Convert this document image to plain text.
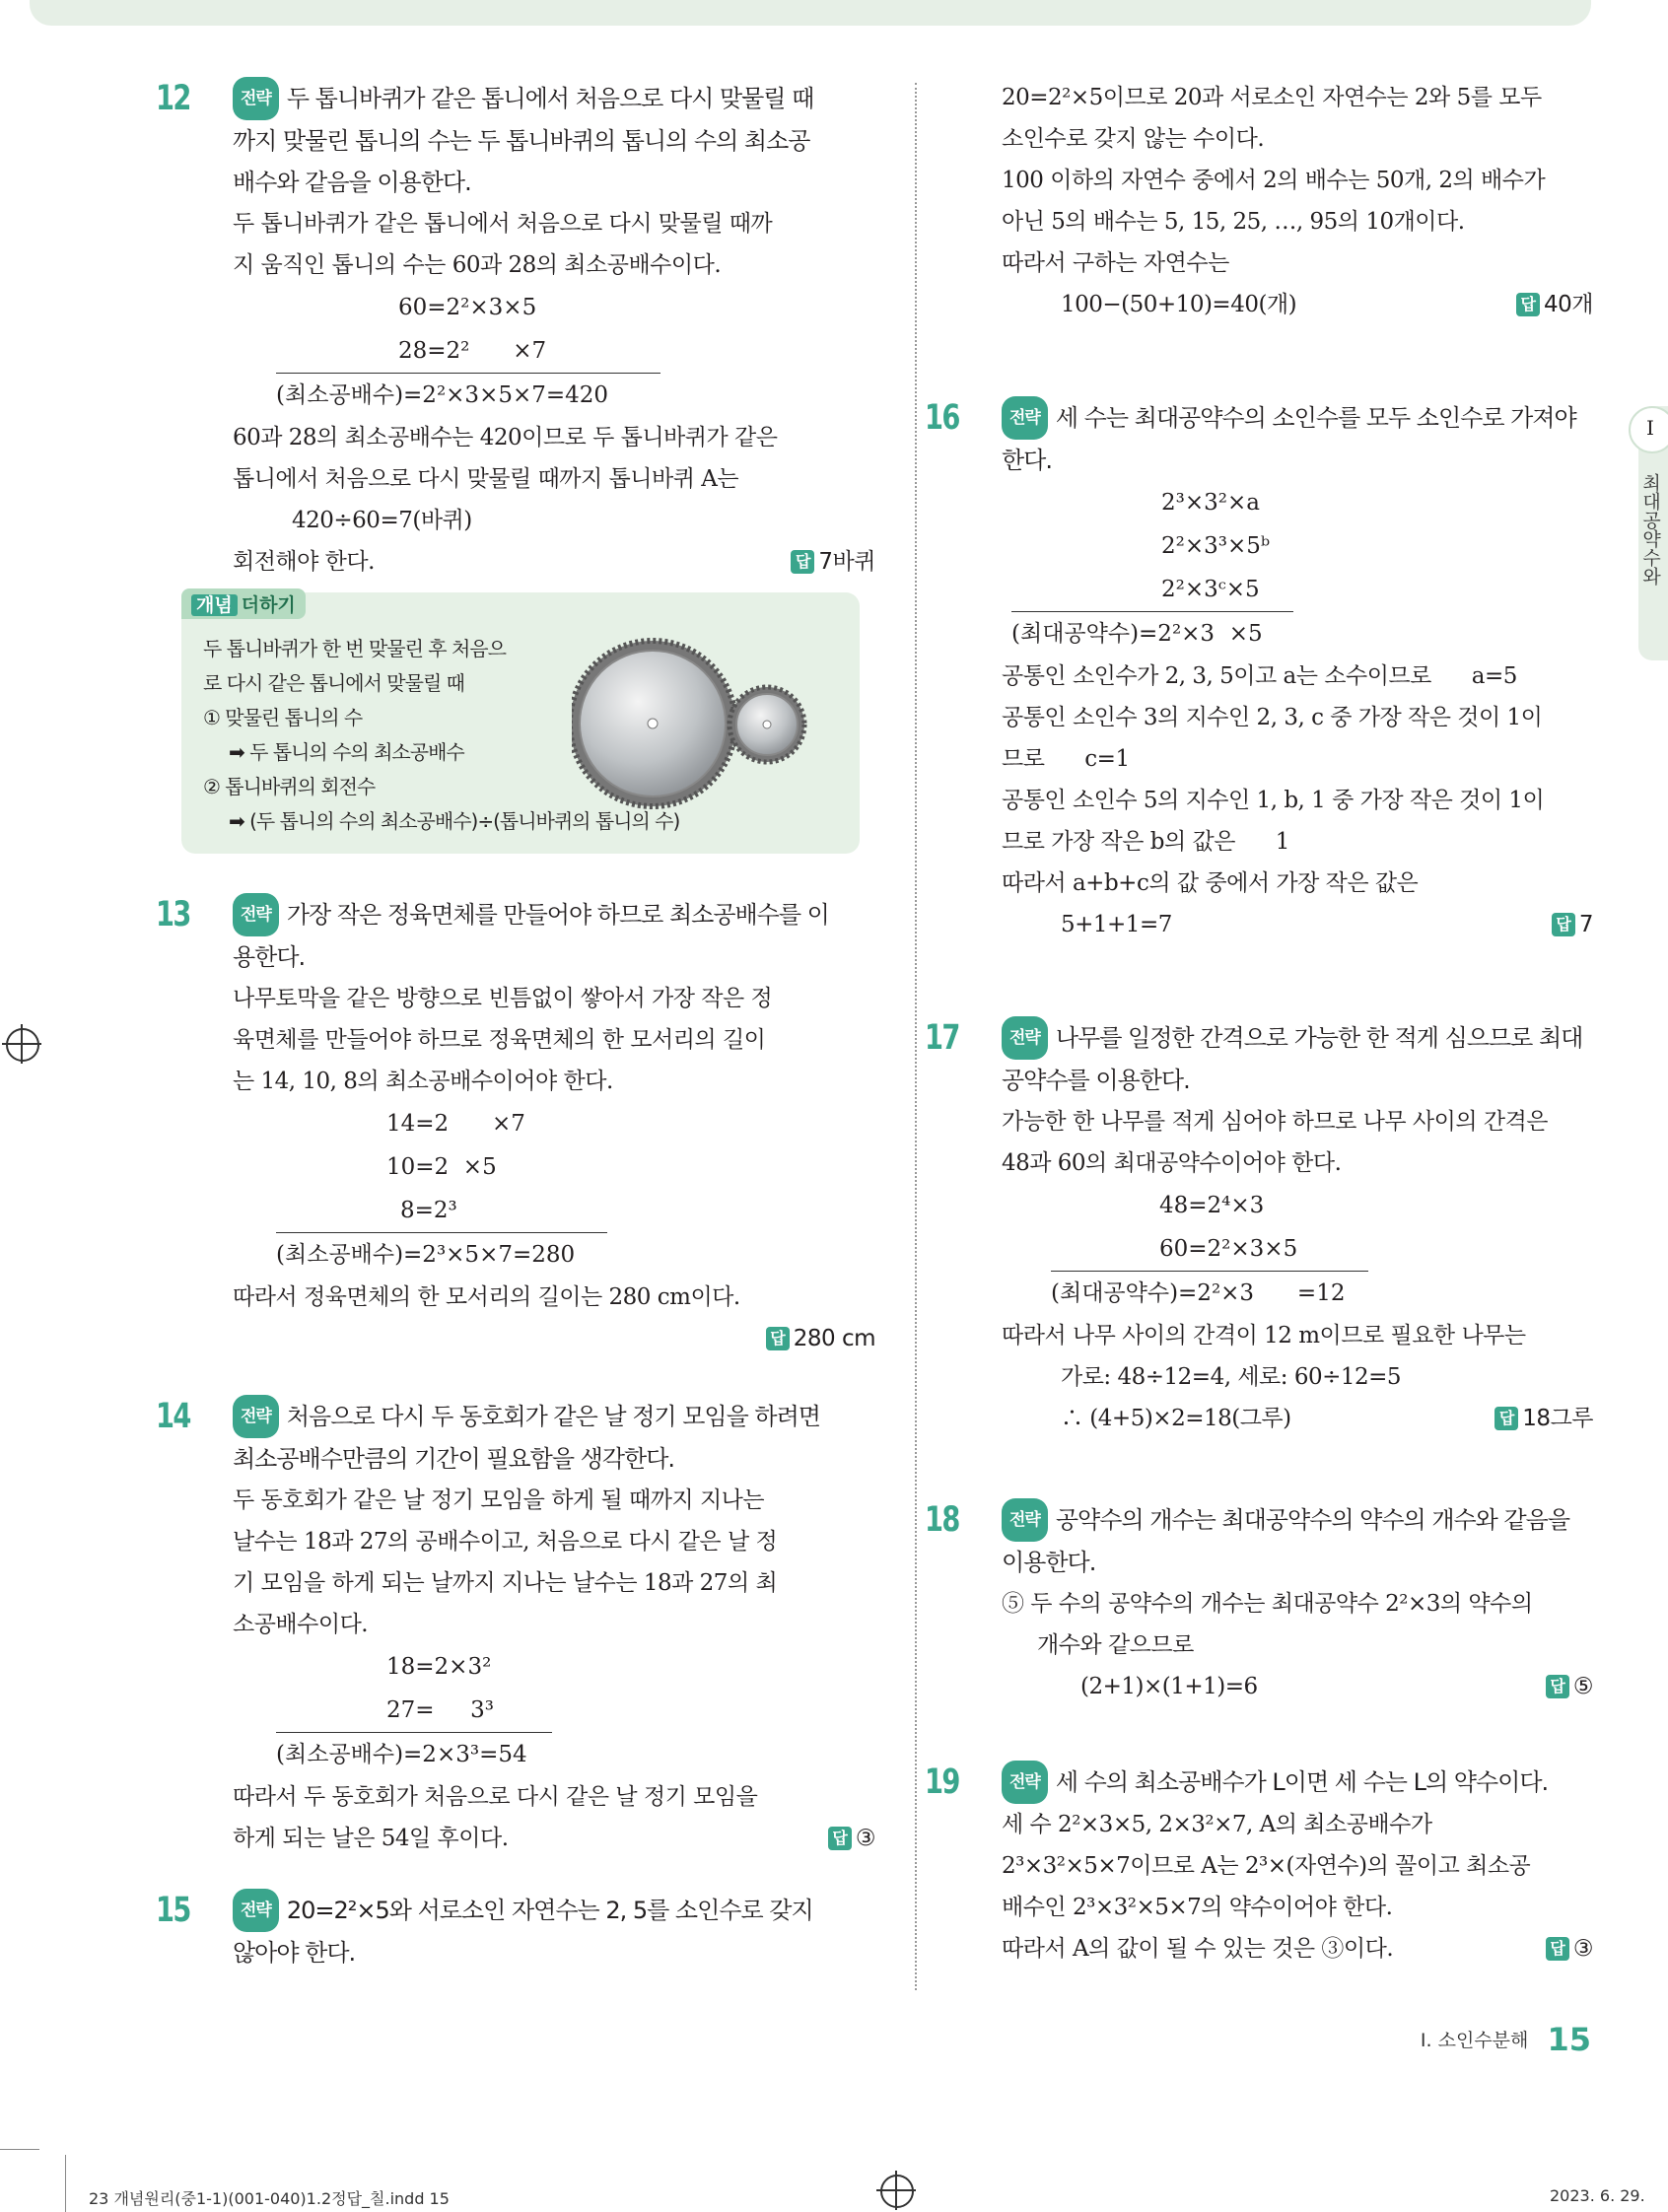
12	전략 두 톱니바퀴가 같은 톱니에서 처음으로 다시 맞물릴 때
까지 맞물린 톱니의 수는 두 톱니바퀴의 톱니의 수의 최소공
배수와 같음을 이용한다.
두 톱니바퀴가 같은 톱니에서 처음으로 다시 맞물릴 때까
지 움직인 톱니의 수는 60과 28의 최소공배수이다.
60=2²×3×5
28=2²      ×7
(최소공배수)=2²×3×5×7=420
60과 28의 최소공배수는 420이므로 두 톱니바퀴가 같은
톱니에서 처음으로 다시 맞물릴 때까지 톱니바퀴 A는
420÷60=7(바퀴)
회전해야 한다.	답 7바퀴
개념 더하기
두 톱니바퀴가 한 번 맞물린 후 처음으
로 다시 같은 톱니에서 맞물릴 때
① 맞물린 톱니의 수
➡ 두 톱니의 수의 최소공배수
② 톱니바퀴의 회전수
➡ (두 톱니의 수의 최소공배수)÷(톱니바퀴의 톱니의 수)
13	전략 가장 작은 정육면체를 만들어야 하므로 최소공배수를 이
용한다.
나무토막을 같은 방향으로 빈틈없이 쌓아서 가장 작은 정
육면체를 만들어야 하므로 정육면체의 한 모서리의 길이
는 14, 10, 8의 최소공배수이어야 한다.
14=2      ×7
10=2  ×5
8=2³
(최소공배수)=2³×5×7=280
따라서 정육면체의 한 모서리의 길이는 280 cm이다.
답 280 cm
14	전략 처음으로 다시 두 동호회가 같은 날 정기 모임을 하려면
최소공배수만큼의 기간이 필요함을 생각한다.
두 동호회가 같은 날 정기 모임을 하게 될 때까지 지나는
날수는 18과 27의 공배수이고, 처음으로 다시 같은 날 정
기 모임을 하게 되는 날까지 지나는 날수는 18과 27의 최
소공배수이다.
18=2×3²
27=     3³
(최소공배수)=2×3³=54
따라서 두 동호회가 처음으로 다시 같은 날 정기 모임을
하게 되는 날은 54일 후이다.	답 ③
15	전략 20=2²×5와 서로소인 자연수는 2, 5를 소인수로 갖지
않아야 한다.
20=2²×5이므로 20과 서로소인 자연수는 2와 5를 모두
소인수로 갖지 않는 수이다.
100 이하의 자연수 중에서 2의 배수는 50개, 2의 배수가
아닌 5의 배수는 5, 15, 25, …, 95의 10개이다.
따라서 구하는 자연수는
100−(50+10)=40(개)	답 40개
16	전략 세 수는 최대공약수의 소인수를 모두 소인수로 가져야
한다.
2³×3²×a
2²×3³×5ᵇ
2²×3ᶜ×5
(최대공약수)=2²×3  ×5
공통인 소인수가 2, 3, 5이고 a는 소수이므로      a=5
공통인 소인수 3의 지수인 2, 3, c 중 가장 작은 것이 1이
므로      c=1
공통인 소인수 5의 지수인 1, b, 1 중 가장 작은 것이 1이
므로 가장 작은 b의 값은      1
따라서 a+b+c의 값 중에서 가장 작은 값은
5+1+1=7	답 7
17	전략 나무를 일정한 간격으로 가능한 한 적게 심으므로 최대
공약수를 이용한다.
가능한 한 나무를 적게 심어야 하므로 나무 사이의 간격은
48과 60의 최대공약수이어야 한다.
48=2⁴×3
60=2²×3×5
(최대공약수)=2²×3      =12
따라서 나무 사이의 간격이 12 m이므로 필요한 나무는
가로: 48÷12=4, 세로: 60÷12=5
∴ (4+5)×2=18(그루)	답 18그루
18	전략 공약수의 개수는 최대공약수의 약수의 개수와 같음을
이용한다.
⑤ 두 수의 공약수의 개수는 최대공약수 2²×3의 약수의
개수와 같으므로
(2+1)×(1+1)=6	답 ⑤
19	전략 세 수의 최소공배수가 L이면 세 수는 L의 약수이다.
세 수 2²×3×5, 2×3²×7, A의 최소공배수가
2³×3²×5×7이므로 A는 2³×(자연수)의 꼴이고 최소공
배수인 2³×3²×5×7의 약수이어야 한다.
따라서 A의 값이 될 수 있는 것은 ③이다.	답 ③
I
최대공약수와
Ⅰ. 소인수분해 15
23 개념원리(중1-1)(001-040)1.2정답_칠.indd 15	2023. 6. 29.
